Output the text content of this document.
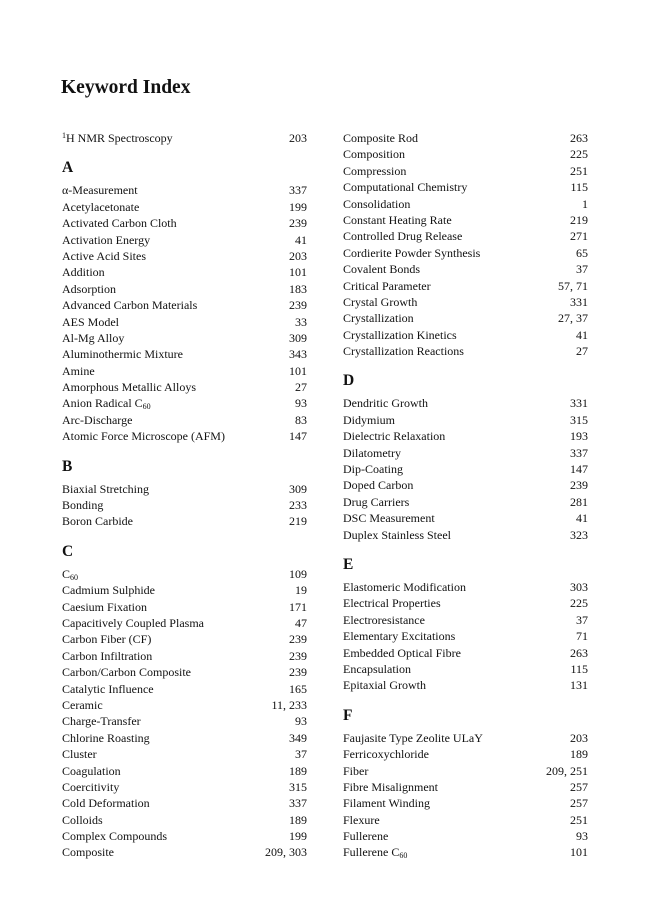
Keyword Index
$^1$H NMR Spectroscopy	203
A
α-Measurement	337
Acetylacetonate	199
Activated Carbon Cloth	239
Activation Energy	41
Active Acid Sites	203
Addition	101
Adsorption	183
Advanced Carbon Materials	239
AES Model	33
Al-Mg Alloy	309
Aluminothermic Mixture	343
Amine	101
Amorphous Metallic Alloys	27
Anion Radical $C_{60}$	93
Arc-Discharge	83
Atomic Force Microscope (AFM)	147
B
Biaxial Stretching	309
Bonding	233
Boron Carbide	219
C
$C_{60}$	109
Cadmium Sulphide	19
Caesium Fixation	171
Capacitively Coupled Plasma	47
Carbon Fiber (CF)	239
Carbon Infiltration	239
Carbon/Carbon Composite	239
Catalytic Influence	165
Ceramic	11, 233
Charge-Transfer	93
Chlorine Roasting	349
Cluster	37
Coagulation	189
Coercitivity	315
Cold Deformation	337
Colloids	189
Complex Compounds	199
Composite	209, 303
Composite Rod	263
Composition	225
Compression	251
Computational Chemistry	115
Consolidation	1
Constant Heating Rate	219
Controlled Drug Release	271
Cordierite Powder Synthesis	65
Covalent Bonds	37
Critical Parameter	57, 71
Crystal Growth	331
Crystallization	27, 37
Crystallization Kinetics	41
Crystallization Reactions	27
D
Dendritic Growth	331
Didymium	315
Dielectric Relaxation	193
Dilatometry	337
Dip-Coating	147
Doped Carbon	239
Drug Carriers	281
DSC Measurement	41
Duplex Stainless Steel	323
E
Elastomeric Modification	303
Electrical Properties	225
Electroresistance	37
Elementary Excitations	71
Embedded Optical Fibre	263
Encapsulation	115
Epitaxial Growth	131
F
Faujasite Type Zeolite ULaY	203
Ferricoxychloride	189
Fiber	209, 251
Fibre Misalignment	257
Filament Winding	257
Flexure	251
Fullerene	93
Fullerene $C_{60}$	101
